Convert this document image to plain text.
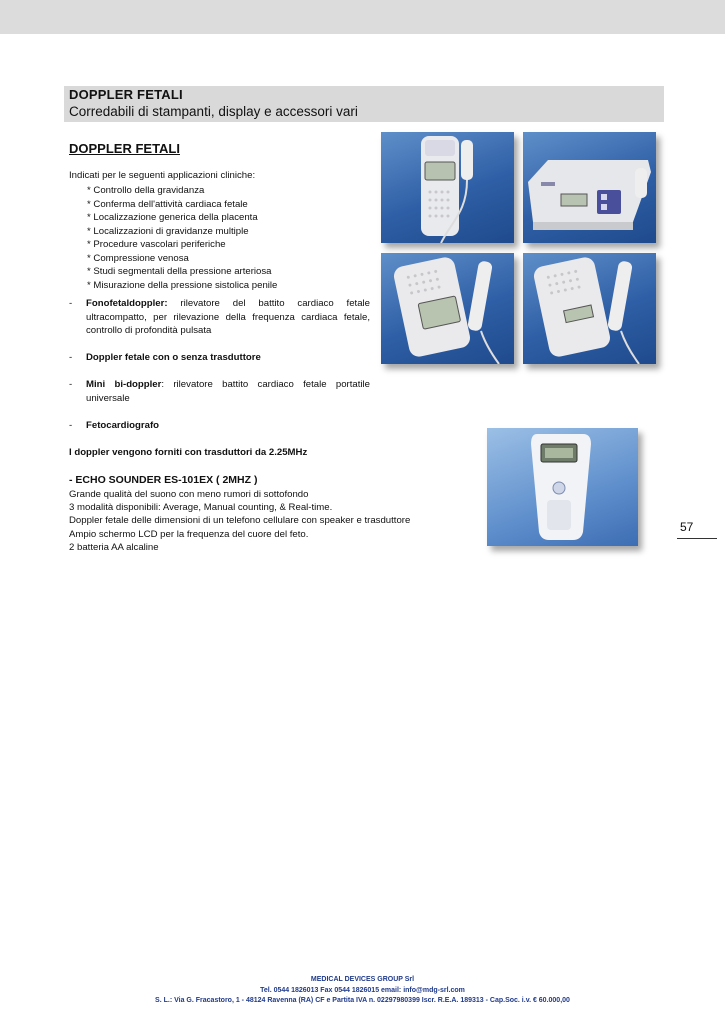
DOPPLER FETALI
Corredabili di stampanti, display e accessori vari
DOPPLER FETALI
Indicati per le seguenti applicazioni cliniche:
* Controllo della gravidanza
* Conferma dell'attività cardiaca fetale
* Localizzazione generica della placenta
* Localizzazioni di gravidanze multiple
* Procedure vascolari periferiche
* Compressione venosa
* Studi segmentali della pressione arteriosa
* Misurazione della pressione sistolica penile
- Fonofetaldoppler: rilevatore del battito cardiaco fetale ultracompatto, per rilevazione della frequenza cardiaca fetale, controllo di profondità pulsata
- Doppler fetale con o senza trasduttore
- Mini bi-doppler: rilevatore battito cardiaco fetale portatile universale
- Fetocardiografo
I doppler vengono forniti con trasduttori da 2.25MHz
- ECHO SOUNDER ES-101EX ( 2MHZ )
Grande qualità del suono con meno rumori di sottofondo
3 modalità disponibili: Average, Manual counting, & Real-time.
Doppler fetale delle dimensioni di un telefono cellulare con speaker e trasduttore
Ampio schermo LCD per la frequenza del cuore del feto.
2 batteria AA alcaline
57
MEDICAL DEVICES GROUP Srl
Tel. 0544 1826013 Fax 0544 1826015 email: info@mdg-srl.com
S. L.: Via G. Fracastoro, 1 - 48124 Ravenna (RA) CF e Partita IVA n. 02297980399 Iscr. R.E.A. 189313 - Cap.Soc. i.v. € 60.000,00
